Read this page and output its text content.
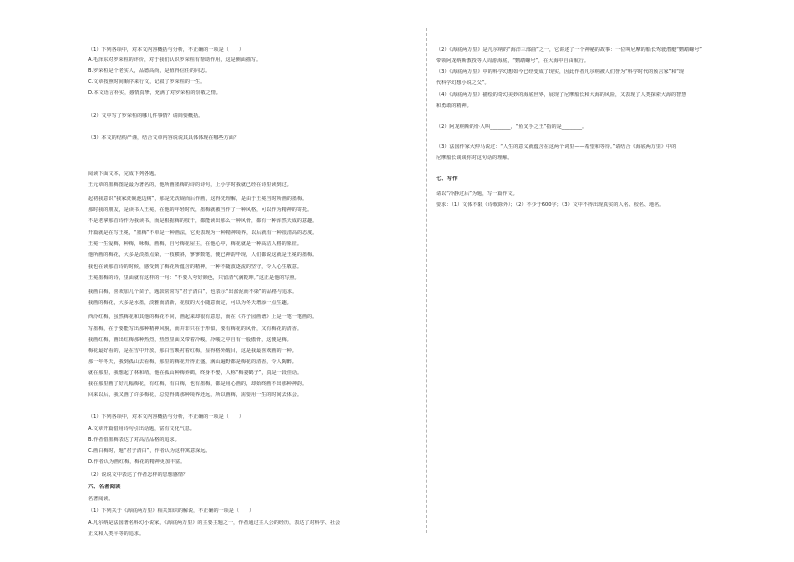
（1）下列各项中，对本文内容概括与分析，不正确的一项是（　　）
A.毛泽东对罗荣桓的评价，对于我们认识罗荣桓有帮助作用，这是侧面描写。
B.罗荣桓是个老实人，品德高尚，是值得信任的同志。
C.文章按照时间顺序来行文，记叙了罗荣桓的一生。
D.本文语言朴实，感情真挚，充满了对罗荣桓的崇敬之情。
（2）文中写了罗荣桓的哪几件事情？请简要概括。
（3）本文的结构严谨，结合文章内容说说其具体体现在哪些方面？
阅读下面文本，完成下列各题。
王元章的墨梅图是最为著名的，他所画墨梅的诗的诗句，上小学时我就已经在诗里读到过。
起初我意识“我家洗砚池边树”，那是先洗砚而后作画，这得先理解，是由于王冕当时所画的墨梅。
那时我的朋友，是读书人王冕，在他的年轻时代，墨梅就被当作了一种风格，可以作为精神的寄托。
不是老拿那首诗作为我读书，而是根据梅的枝干，都能读出那么一种风骨，都有一种浑然天成的意趣。
开篇就是在写王冕，“墨梅”不单是一种画法，它更表现为一种精神境界，以后就有一种很清高的态度。
王冕一生爱梅，种梅，咏梅，画梅，自号梅花屋主，在他心中，梅花就是一种高洁人格的象征。
他所画的梅花，大多是淡墨点染，一枝横斜，寥寥数笔，便已神韵毕现，人们都说这就是王冕的墨梅。
我也在读那首诗的时候，感受到了梅花所蕴含的精神，一种不随波逐流的坚守，令人心生敬意。
王冕墨梅的诗，里面就有这样的一句：“不要人夸好颜色，只留清气满乾坤。”这正是他的写照。
我画白梅，喜欢加几个苗子，题款常常写“君子清白”，也表示“出淤泥而不染”的品格与追求。
我画的梅花，大多是水墨，淡雅而清新，花枝的大小随意而定，可以为冬天增添一点生趣。
西泠红梅，虽然梅花和其他的梅花不同，画起来却很有意思，而在《芥子园画谱》上是一笔一笔画的。
写墨梅，在于要能写出那种精神风貌，而并非只在于形似，要有梅花的风骨，又有梅花的清香。
我画红梅，画出红梅那种热烈，热烈里面又带着冷峻，冷峻之中自有一股傲骨，这便是梅。
梅花最好看的，是在雪中开放，那白雪映衬着红梅，显得格外醒目，这是我最喜欢画的一种。
那一年冬天，我到孤山去看梅，那里的梅花开得正盛，满山遍野都是梅花的清香，令人陶醉。
就在那里，我想起了林和靖，他在孤山种梅养鹤，终身不娶，人称“梅妻鹤子”，真是一段佳话。
我在那里画了好几幅梅花，有红梅，有白梅，也有墨梅，都是用心画的，却始终画不出那种神韵。
回来以后，我又画了许多梅花，总觉得离那种境界还远，所以画梅，需要用一生的时间去体会。
（1）下列各项中，对本文内容概括与分析，不正确的一项是（　　）
A.文章开篇借用诗句引出话题，富有文化气息。
B.作者借墨梅表达了对高洁品格的追求。
C.画白梅时，题“君子清白”，作者认为这样寓意深远。
D.作者认为画红梅，梅花的精神更加丰富。
（2）说说文中表达了作者怎样的思想感情？
六、名著阅读
名著阅读。
（1）下列关于《海底两万里》相关知识的解说，不正确的一项是（　　）
A.凡尔纳是法国著名科幻小说家，《海底两万里》的主要主题之一，作者通过主人公的经历，表达了对科学、社会
正义和人类平等的追求。
（2）《海底两万里》是凡尔纳的“海洋三部曲”之一，它讲述了一个神秘的故事：一位叫尼摩的船长驾驶潜艇“鹦鹉螺号”
带领阿龙纳斯教授等人周游海底，“鹦鹉螺号”，在大海中自由航行。
（3）《海底两万里》中的科学幻想如今已经变成了现实，因此作者凡尔纳被人们誉为“科学时代的预言家”和“现
代科学幻想小说之父”。
（4）《海底两万里》描绘的奇幻美妙的海底世界，展现了尼摩船长和大海的风险，又表现了人类探索大海的智慧
和勇敢的精神。
（2）阿龙纳斯的仆人叫________，“鱼叉手之王”指的是________。
（3）法国作家大仲马说过：“人生的意义就蕴含在这两个词里——希望和等待。”请结合《海底两万里》中的
尼摩船长谈谈你对这句话的理解。
七、写作
请以“冷静过后”为题，写一篇作文。
要求：（1）文体不限（诗歌除外）；（2）不少于600字；（3）文中不得出现真实的人名、校名、地名。
